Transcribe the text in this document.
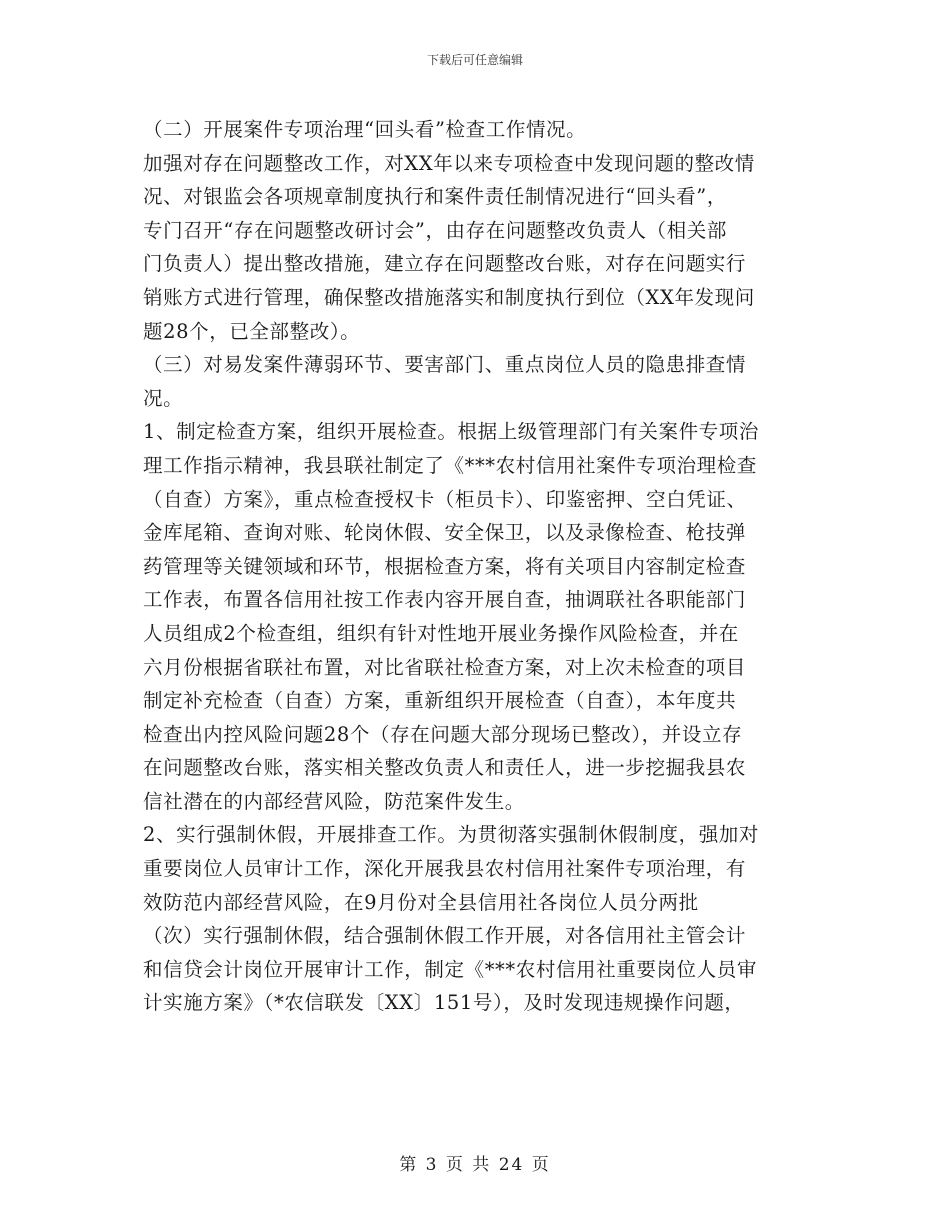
下载后可任意编辑
（二）开展案件专项治理“回头看”检查工作情况。
加强对存在问题整改工作，对XX年以来专项检查中发现问题的整改情
况、对银监会各项规章制度执行和案件责任制情况进行“回头看”，
专门召开“存在问题整改研讨会”，由存在问题整改负责人（相关部
门负责人）提出整改措施，建立存在问题整改台账，对存在问题实行
销账方式进行管理，确保整改措施落实和制度执行到位（XX年发现问
题28个，已全部整改）。
（三）对易发案件薄弱环节、要害部门、重点岗位人员的隐患排查情
况。
1、制定检查方案，组织开展检查。根据上级管理部门有关案件专项治
理工作指示精神，我县联社制定了《***农村信用社案件专项治理检查
（自查）方案》，重点检查授权卡（柜员卡）、印鉴密押、空白凭证、
金库尾箱、查询对账、轮岗休假、安全保卫，以及录像检查、枪技弹
药管理等关键领域和环节，根据检查方案，将有关项目内容制定检查
工作表，布置各信用社按工作表内容开展自查，抽调联社各职能部门
人员组成2个检查组，组织有针对性地开展业务操作风险检查，并在
六月份根据省联社布置，对比省联社检查方案，对上次未检查的项目
制定补充检查（自查）方案，重新组织开展检查（自查），本年度共
检查出内控风险问题28个（存在问题大部分现场已整改），并设立存
在问题整改台账，落实相关整改负责人和责任人，进一步挖掘我县农
信社潜在的内部经营风险，防范案件发生。
2、实行强制休假，开展排查工作。为贯彻落实强制休假制度，强加对
重要岗位人员审计工作，深化开展我县农村信用社案件专项治理，有
效防范内部经营风险，在9月份对全县信用社各岗位人员分两批
（次）实行强制休假，结合强制休假工作开展，对各信用社主管会计
和信贷会计岗位开展审计工作，制定《***农村信用社重要岗位人员审
计实施方案》（*农信联发〔XX〕151号），及时发现违规操作问题，
第 3 页 共 24 页
